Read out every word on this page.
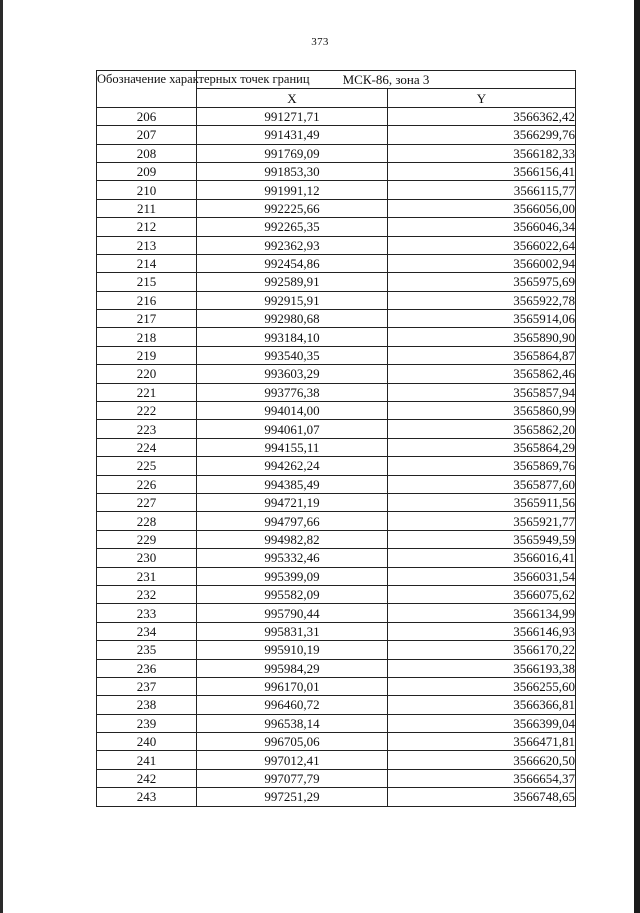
373
Обозначение характерных точек границ	МСК-86, зона 3	
	X	Y
206	991271,71	3566362,42
207	991431,49	3566299,76
208	991769,09	3566182,33
209	991853,30	3566156,41
210	991991,12	3566115,77
211	992225,66	3566056,00
212	992265,35	3566046,34
213	992362,93	3566022,64
214	992454,86	3566002,94
215	992589,91	3565975,69
216	992915,91	3565922,78
217	992980,68	3565914,06
218	993184,10	3565890,90
219	993540,35	3565864,87
220	993603,29	3565862,46
221	993776,38	3565857,94
222	994014,00	3565860,99
223	994061,07	3565862,20
224	994155,11	3565864,29
225	994262,24	3565869,76
226	994385,49	3565877,60
227	994721,19	3565911,56
228	994797,66	3565921,77
229	994982,82	3565949,59
230	995332,46	3566016,41
231	995399,09	3566031,54
232	995582,09	3566075,62
233	995790,44	3566134,99
234	995831,31	3566146,93
235	995910,19	3566170,22
236	995984,29	3566193,38
237	996170,01	3566255,60
238	996460,72	3566366,81
239	996538,14	3566399,04
240	996705,06	3566471,81
241	997012,41	3566620,50
242	997077,79	3566654,37
243	997251,29	3566748,65
